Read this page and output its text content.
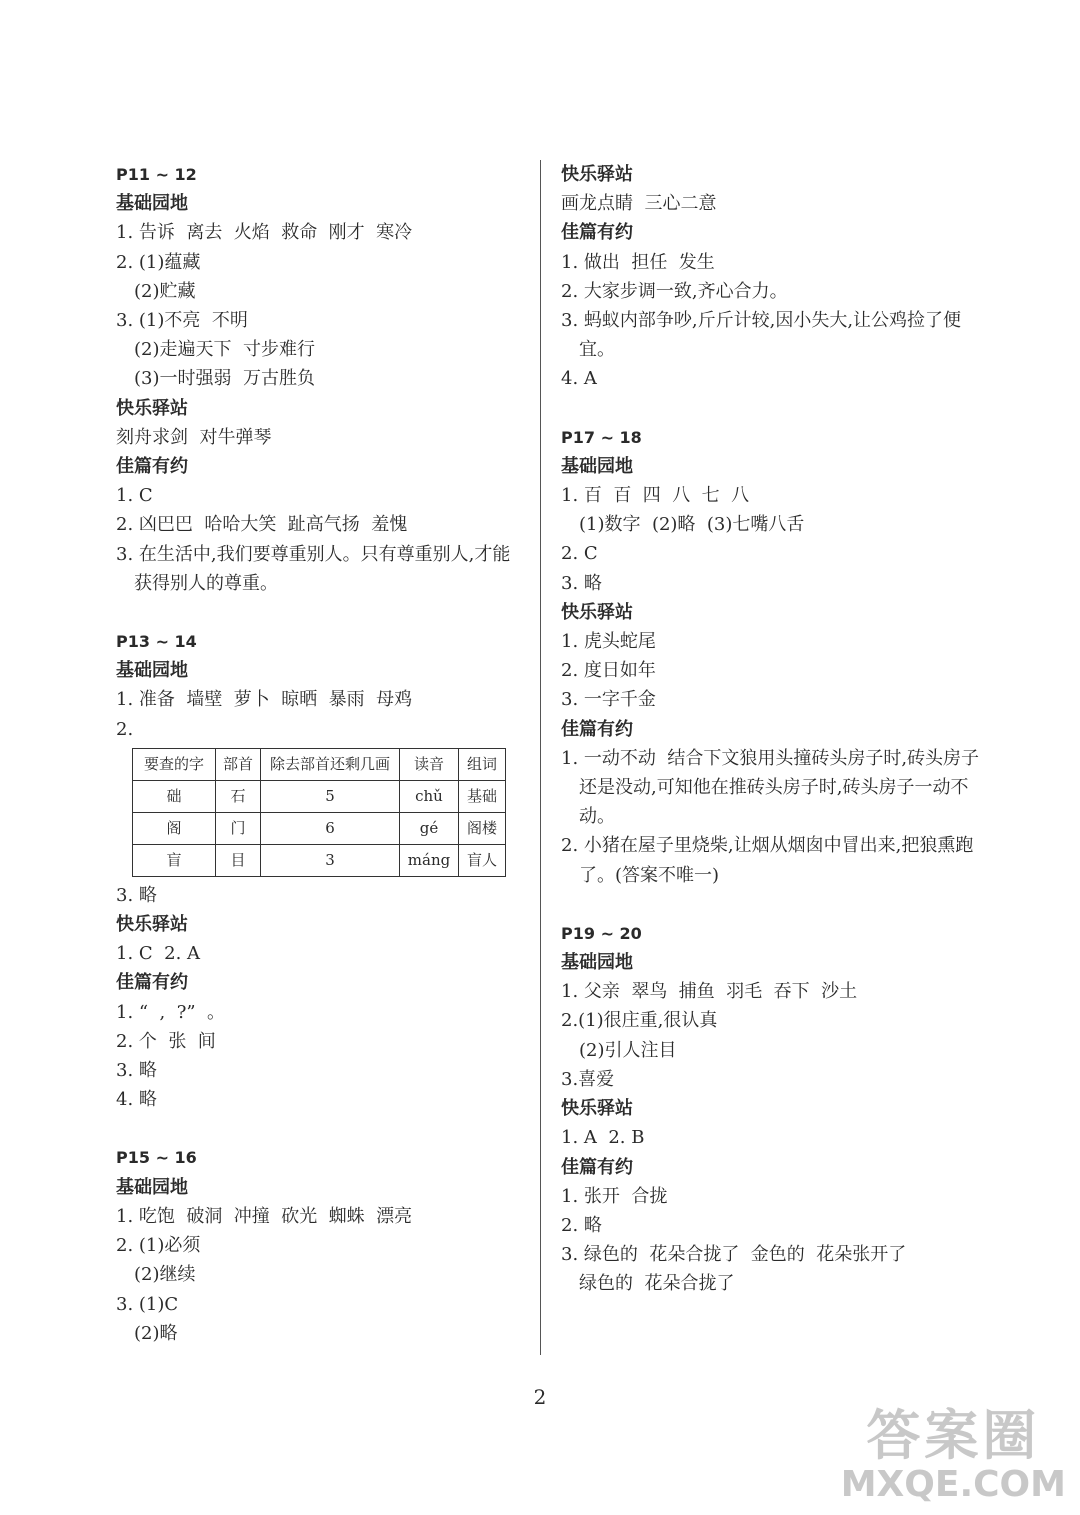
P11 ~ 12
基础园地
1. 告诉  离去  火焰  救命  刚才  寒冷
2. (1)蕴藏
(2)贮藏
3. (1)不亮  不明
(2)走遍天下  寸步难行
(3)一时强弱  万古胜负
快乐驿站
刻舟求剑  对牛弹琴
佳篇有约
1. C
2. 凶巴巴  哈哈大笑  趾高气扬  羞愧
3. 在生活中,我们要尊重别人。只有尊重别人,才能获得别人的尊重。
P13 ~ 14
基础园地
1. 准备  墙壁  萝卜  晾晒  暴雨  母鸡
2.
要查的字	部首	除去部首还剩几画	读音	组词
础	石	5	chǔ	基础
阁	门	6	gé	阁楼
盲	目	3	máng	盲人
3. 略
快乐驿站
1. C  2. A
佳篇有约
1. “  ,  ?”  。
2. 个  张  间
3. 略
4. 略
P15 ~ 16
基础园地
1. 吃饱  破洞  冲撞  砍光  蜘蛛  漂亮
2. (1)必须
(2)继续
3. (1)C
(2)略
快乐驿站
画龙点睛  三心二意
佳篇有约
1. 做出  担任  发生
2. 大家步调一致,齐心合力。
3. 蚂蚁内部争吵,斤斤计较,因小失大,让公鸡捡了便宜。
4. A
P17 ~ 18
基础园地
1. 百  百  四  八  七  八
(1)数字  (2)略  (3)七嘴八舌
2. C
3. 略
快乐驿站
1. 虎头蛇尾
2. 度日如年
3. 一字千金
佳篇有约
1. 一动不动  结合下文狼用头撞砖头房子时,砖头房子还是没动,可知他在推砖头房子时,砖头房子一动不动。
2. 小猪在屋子里烧柴,让烟从烟囱中冒出来,把狼熏跑了。(答案不唯一)
P19 ~ 20
基础园地
1. 父亲  翠鸟  捕鱼  羽毛  吞下  沙土
2.(1)很庄重,很认真
(2)引人注目
3.喜爱
快乐驿站
1. A  2. B
佳篇有约
1. 张开  合拢
2. 略
3. 绿色的  花朵合拢了  金色的  花朵张开了
绿色的  花朵合拢了
2
答案圈
MXQE.COM
